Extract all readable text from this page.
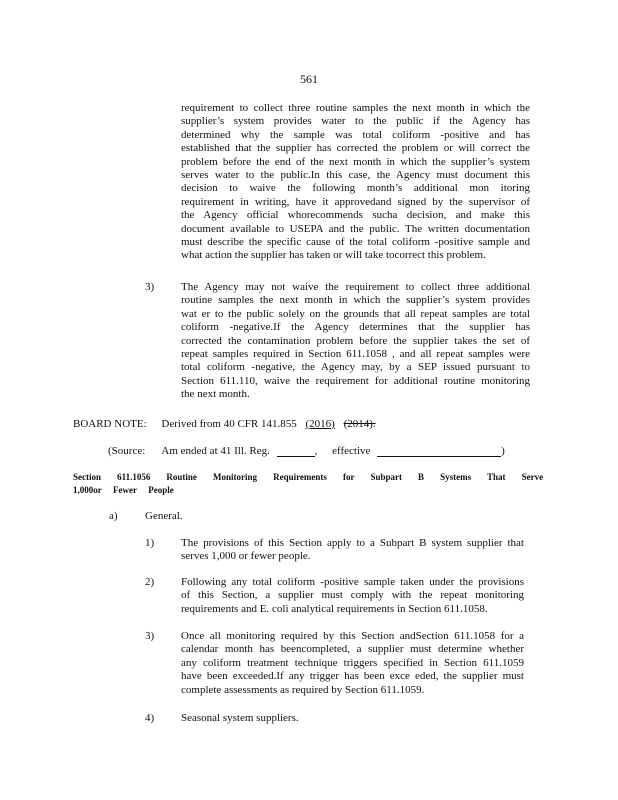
561
requirement to collect three routine samples the next month in which the
supplier’s system provides water to the public if the Agency has
determined why the sample was total coliform -positive and has
established that the supplier has corrected the problem or will correct the
problem before the end of the next month in which the supplier’s system
serves water to the public.In this case, the Agency must document this
decision to waive the following month’s additional mon itoring
requirement in writing, have it approvedand signed by the supervisor of
the Agency official whorecommends sucha decision, and make this
document available to USEPA and the public. The written documentation
must describe the specific cause of the total coliform -positive sample and
what action the supplier has taken or will take tocorrect this problem.
3) The Agency may not waive the requirement to collect three additional
routine samples the next month in which the supplier’s system provides
wat er to the public solely on the grounds that all repeat samples are total
coliform -negative.If the Agency determines that the supplier has
corrected the contamination problem before the supplier takes the set of
repeat samples required in Section 611.1058 , and all repeat samples were
total coliform -negative, the Agency may, by a SEP issued pursuant to
Section 611.110, waive the requirement for additional routine monitoring
the next month.
BOARD NOTE: Derived from 40 CFR 141.855 (2016) (2014).
(Source: Am ended at 41 Ill. Reg.	, effective	)
Section 611.1056 Routine Monitoring Requirements for Subpart B Systems That Serve
1,000or Fewer People
a) General.
1) The provisions of this Section apply to a Subpart B system supplier that
serves 1,000 or fewer people.
2) Following any total coliform -positive sample taken under the provisions
of this Section, a supplier must comply with the repeat monitoring
requirements and E. coli analytical requirements in Section 611.1058.
3) Once all monitoring required by this Section andSection 611.1058 for a
calendar month has beencompleted, a supplier must determine whether
any coliform treatment technique triggers specified in Section 611.1059
have been exceeded.If any trigger has been exce eded, the supplier must
complete assessments as required by Section 611.1059.
4) Seasonal system suppliers.
